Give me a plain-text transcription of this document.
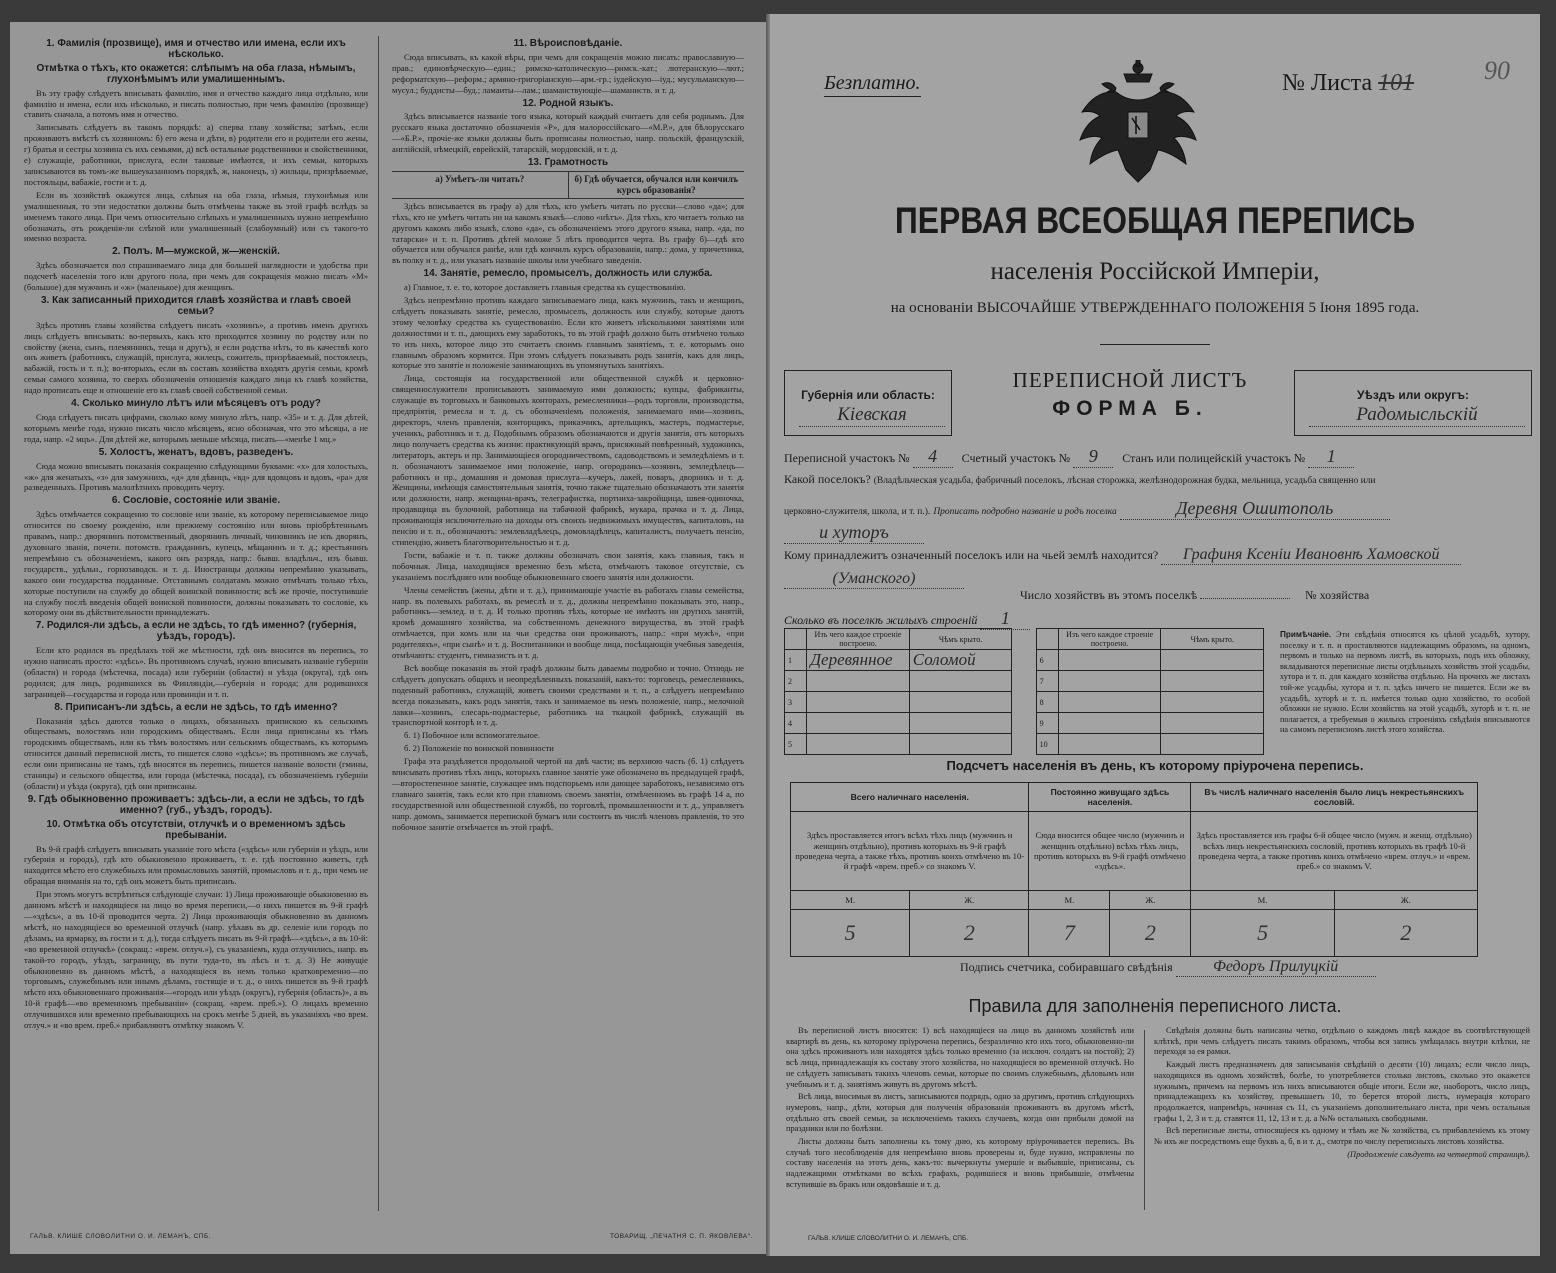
1. Фамилія (прозвище), имя и отчество или имена, если ихъ нѣсколько.
Отмѣтка о тѣхъ, кто окажется: слѣпымъ на оба глаза, нѣмымъ, глухонѣмымъ или умалишеннымъ.

Въ эту графу слѣдуетъ вписывать фамилію, имя и отчество каждаго лица отдѣльно, или фамилію и имена, если ихъ нѣсколько, и писать полностью, при чемъ фамилію (прозвище) ставить сначала, а потомъ имя и отчество.

Записывать слѣдуетъ въ такомъ порядкѣ: а) сперва главу хозяйства; затѣмъ, если проживаютъ вмѣстѣ съ хозяиномъ: б) его жена и дѣти, в) родители его и родители его жены, г) братья и сестры хозяина съ ихъ семьями, д) всѣ остальные родственники и свойственники, е) служащіе, работники, прислуга, если таковые имѣются, и ихъ семьи, которыхъ записываются въ томъ-же вышеуказанномъ порядкѣ, ж, наконецъ, з) жильцы, призрѣваемые, постояльцы, вабажіе, гости и т. д.

Если въ хозяйствѣ окажутся лица, слѣпыя на оба глаза, нѣмыя, глухонѣмыя или умалишенныя, то эти недостатки должны быть отмѣчены также въ этой графѣ вслѣдъ за именемъ такого лица. При чемъ относительно слѣпыхъ и умалишенныхъ нужно непремѣнно обозначать, отъ рожденія-ли слѣпой или умалишенный (слабоумный) или съ такого-то именно возраста.

2. Полъ. М—мужской, ж—женскій.

Здѣсь обозначается пол спрашиваемаго лица для большей наглядности и удобства при подсчетѣ населенія того или другого пола, при чемъ для сокращенія можно писать «М» (большое) для мужчинъ и «ж» (маленькое) для женщинъ.

3. Как записанный приходится главѣ хозяйства и главѣ своей семьи?

Здѣсь противъ главы хозяйства слѣдуетъ писать «хозяинъ», а противъ именъ другихъ лицъ слѣдуетъ вписывать: во-первыхъ, какъ кто приходится хозяину по родству или по свойству (жена, сынъ, племянникъ, теща и другъ), и если родства нѣтъ, то въ качествѣ кого онъ живетъ (работникъ, служащій, прислуга, жилецъ, сожитель, призрѣваемый, постоялецъ, вабажій, гость и т. п.); во-вторыхъ, если въ составъ хозяйства входятъ другія семьи, кромѣ семьи самого хозяина, то сверхъ обозначенія отношенія каждаго лица къ главѣ хозяйства, надо прописать еще и отношеніе его къ главѣ своей собственной семьи.

4. Сколько минуло лѣтъ или мѣсяцевъ отъ роду?

Сюда слѣдуетъ писать цифрами, сколько кому минуло лѣтъ, напр. «35» и т. д. Для дѣтей, которымъ менѣе года, нужно писать число мѣсяцевъ, ясно обозначая, что это мѣсяцы, а не года, напр. «2 мцъ». Для дѣтей же, которымъ меньше мѣсяца, писать—«менѣе 1 мц.»

5. Холостъ, женатъ, вдовъ, разведенъ.

Сюда можно вписывать показанія сокращенно слѣдующими буквами: «х» для холостыхъ, «ж» для женатыхъ, «з» для замужнихъ, «д» для дѣвицъ, «вд» для вдовцовъ и вдовъ, «ра» для разведенныхъ. Противъ малолѣтнихъ проводить черту.

6. Сословіе, состояніе или званіе.

Здѣсь отмѣчается сокращенно то сословіе или званіе, къ которому переписываемое лицо относится по своему рожденію, или прежнему состоянію или вновь пріобрѣтеннымъ правамъ, напр.: дворянинъ потомственный, дворянинъ личный, чиновникъ не изъ дворянъ, духовнаго званія, почетн. потомств. гражданинъ, купецъ, мѣщанинъ и т. д.; крестьянинъ непремѣнно съ обозначеніемъ, какого онъ разряда, напр.: бывш. владѣльч., изъ бывш. государств., удѣльн., горнозаводск. и т. д. Иностранцы должны непремѣнно указывать, какого они государства подданные. Отставнымъ солдатамъ можно отмѣчать только тѣхъ, которые поступили на службу до общей воинской повинности; всѣ же прочіе, поступившіе на службу послѣ введенія общей воинской повинности, должны показывать то сословіе, къ которому они въ дѣйствительности принадлежатъ.

7. Родился-ли здѣсь, а если не здѣсь, то гдѣ именно? (губернія, уѣздъ, городъ).

Если кто родился въ предѣлахъ той же мѣстности, гдѣ онъ вносится въ перепись, то нужно написать просто: «здѣсь». Въ противномъ случаѣ, нужно вписывать названіе губерніи (области) и города (мѣстечка, посада) или губерніи (области) и уѣзда (округа), гдѣ онъ родился; для лицъ, родившихся въ Финляндіи,—губернія и города; для родившихся заграницей—государства и города или провинціи и т. п.

8. Приписанъ-ли здѣсь, а если не здѣсь, то гдѣ именно?

Показанія здѣсь даются только о лицахъ, обязанныхъ припискою къ сельскимъ обществамъ, волостямъ или городскимъ обществамъ. Если лица приписаны къ тѣмъ городскимъ обществамъ, или къ тѣмъ волостямъ или сельскимъ обществамъ, къ которымъ относится данный переписной листъ, то пишется слово «здѣсь»; въ противномъ же случаѣ, если они приписаны не тамъ, гдѣ вносятся въ перепись, пишется названіе волости (гмины, станицы) и сельского общества, или города (мѣстечка, посада), съ обозначеніемъ губерніи (области) и уѣзда (округа), гдѣ они приписаны.

9. Гдѣ обыкновенно проживаетъ: здѣсь-ли, а если не здѣсь, то гдѣ именно? (губ., уѣздъ, городъ).
10. Отмѣтка объ отсутствіи, отлучкѣ и о временномъ здѣсь пребываніи.

Въ 9-й графѣ слѣдуетъ вписывать указаніе того мѣста («здѣсь» или губернія и уѣздъ, или губернія и городъ), гдѣ кто обыкновенно проживаетъ, т. е. гдѣ постоянно живетъ, гдѣ находится мѣсто его служебныхъ или промысловыхъ занятій, промысловъ и т. д., при чемъ не обращая вниманія на то, гдѣ онъ можетъ быть приписанъ.

При этомъ могутъ встрѣтиться слѣдующіе случаи: 1) Лица проживающіе обыкновенно въ данномъ мѣстѣ и находящіеся на лицо во время переписи,—о нихъ пишется въ 9-й графѣ—«здѣсь», а въ 10-й проводится черта. 2) Лица проживающія обыкновенно въ данномъ мѣстѣ, но находящіеся во временной отлучкѣ (напр. уѣхавъ въ др. селеніе или городъ по дѣламъ, на ярмарку, въ гости и т. д.), тогда слѣдуетъ писать въ 9-й графѣ—«здѣсь», а въ 10-й: «во временной отлучкѣ» (сокращ.: «врем. отлуч.»), съ указаніемъ, куда отлучились, напр. въ такой-то городъ, уѣздъ, заграницу, въ пути туда-то, въ лѣсъ и т. д. 3) Не живущіе обыкновенно въ данномъ мѣстѣ, а находящіеся въ немъ только кратковременно—по торговымъ, служебнымъ или инымъ дѣламъ, гостящіе и т. д., о нихъ пишется въ 9-й графѣ мѣсто ихъ обыкновеннаго проживанія—«городъ или уѣздъ (округъ), губернія (область)», а въ 10-й графѣ—«во временномъ пребываніи» (сокращ. «врем. преб.»). О лицахъ временно отлучившихся или временно пребывающихъ на срокъ менѣе 5 дней, въ указаніяхъ «во врем. отлуч.» и «во врем. преб.» прибавляютъ отмѣтку знакомъ V.

11. Вѣроисповѣданіе.

Сюда вписывать, къ какой вѣры, при чемъ для сокращенія можно писать: православную—прав.; единовѣрческую—един.; римско-католическую—римск.-кат.; лютеранскую—лют.; реформатскую—реформ.; армяно-григоріанскую—арм.-гр.; іудейскую—іуд.; мусульманскую—мусул.; буддисты—буд.; ламаиты—лам.; шаманствующіе—шаманиств. и т. д.

12. Родной языкъ.

Здѣсь вписывается названіе того языка, который каждый считаетъ для себя роднымъ. Для русскаго языка достаточно обозначенія «Р», для малороссійскаго—«М.Р.», для бѣлорусскаго—«Б.Р.», прочіе-же языки должны быть прописаны полностью, напр. польскій, французскій, англійскій, нѣмецкій, еврейскій, татарскій, мордовскій, и т. д.

13. Грамотность
а) Умѣетъ-ли читать?	б) Гдѣ обучается, обучался или кончилъ курсъ образованія?

Здѣсь вписывается въ графу а) для тѣхъ, кто умѣетъ читать по русски—слово «да»; для тѣхъ, кто не умѣетъ читать ни на какомъ языкѣ—слово «нѣтъ». Для тѣхъ, кто читаетъ только на другомъ какомъ либо языкѣ, слово «да», съ обозначеніемъ этого другого языка, напр. «да, по татарски» и т. п. Противъ дѣтей моложе 5 лѣтъ проводится черта. Въ графу б)—гдѣ кто обучается или обучался ранѣе, или гдѣ кончилъ курсъ образованія, напр.: дома, у причетника, въ полку и т. д., или указать названіе школы или учебнаго заведенія.

14. Занятіе, ремесло, промыселъ, должность или служба.

а) Главное, т. е. то, которое доставляетъ главныя средства къ существованію.

Здѣсь непремѣнно противъ каждаго записываемаго лица, какъ мужчинъ, такъ и женщинъ, слѣдуетъ показывать занятіе, ремесло, промыселъ, должность или службу, которые даютъ этому человѣку средства къ существованію. Если кто живетъ нѣсколькими занятіями или должностями и т. п., дающихъ ему заработокъ, то въ этой графѣ должно быть отмѣчено только то изъ нихъ, которое лицо это считаетъ своимъ главнымъ занятіемъ, т. е. которымъ оно главнымъ образомъ кормится. При этомъ слѣдуетъ показывать родъ занятія, какъ для лицъ, которые это занятіе и положеніе занимающихъ въ упомянутыхъ занятіяхъ.

Лица, состоящія на государственной или общественной службѣ и церковно-священнослужители прописываютъ занимаемую ими должность; купцы, фабриканты, служащіе въ торговыхъ и банковыхъ конторахъ, ремесленники—родъ торговли, производства, предпріятія, ремесла и т. д. съ обозначеніемъ положенія, занимаемаго ими—хозяинъ, директоръ, членъ правленія, конторщикъ, приказчикъ, артельщикъ, мастеръ, подмастерье, ученикъ, работникъ и т. д. Подобнымъ образомъ обозначаются и другія занятія, отъ которыхъ лицо получаетъ средства къ жизни: практикующій врачъ, присяжный повѣренный, художникъ, литераторъ, актеръ и пр. Занимающіеся огородничествомъ, садоводствомъ и земледѣліемъ и т. п. обозначаютъ занимаемое ими положеніе, напр. огородникъ—хозяинъ, земледѣлецъ—работникъ и пр., домашняя и домовая прислуга—кучеръ, лакей, поваръ, дворникъ и т. д. Женщины, имѣющія самостоятельныя занятія, точно также тщательно обозначаютъ эти занятія или должности, напр. женщина-врачъ, телеграфистка, портниха-закройщица, швея-одиночка, продавщица въ булочной, работница на табачной фабрикѣ, мукара, прачка и т. д. Лица, проживающія исключительно на доходы отъ своихъ недвижимыхъ имуществъ, капиталовъ, на пенсію и т. п., обозначаютъ: землевладѣлецъ, домовладѣлецъ, капиталистъ, получаетъ пенсію, стипендію, живетъ благотворительностью и т. д.

Гости, вабажіе и т. п. также должны обозначать свои занятія, какъ главныя, такъ и побочныя. Лица, находящіяся временно безъ мѣста, отмѣчаютъ таковое отсутствіе, съ указаніемъ послѣдняго или вообще обыкновеннаго своего занятія или должности.

Члены семействъ (жены, дѣти и т. д.), принимающіе участіе въ работахъ главы семейства, напр. въ полевыхъ работахъ, въ ремеслѣ и т. д., должны непремѣнно показывать это, напр., работникъ—землед. и т. д. И только противъ тѣхъ, которые не имѣютъ ни другихъ занятій, кромѣ домашняго хозяйства, на собственномъ денежного вирущества, въ этой графѣ отмѣчается, при комъ или на чьи средства они проживаютъ, напр.: «при мужѣ», «при родителяхъ», «при сынѣ» и т. д. Воспитанники и вообще лица, посѣщающія учебныя заведенія, отмѣчаютъ: студентъ, гимназистъ и т. д.

Всѣ вообще показанія въ этой графѣ должны быть даваемы подробно и точно. Отнюдь не слѣдуетъ допускать общихъ и неопредѣленныхъ показаній, какъ-то: торговецъ, ремесленникъ, поденный работникъ, служащій, живетъ своими средствами и т. п., а слѣдуетъ непремѣнно всегда показывать, какъ родъ занятія, такъ и занимаемое въ немъ положеніе, напр., мелочной лавки—хозяинъ, слесарь-подмастерье, работникъ на ткацкой фабрикѣ, служащій въ транспортной конторѣ и т. д.

б. 1) Побочное или вспомогательное.

б. 2) Положеніе по воинской повинности

Графа эта раздѣляется продольной чертой на двѣ части; въ верхнюю часть (б. 1) слѣдуетъ вписывать противъ тѣхъ лицъ, которыхъ главное занятіе уже обозначено въ предыдущей графѣ,—второстепенное занятіе, служащее имъ подспорьемъ или дающее заработокъ, независимо отъ главнаго занятія, такъ если кто при главномъ своемъ занятіи, отмѣченномъ въ графѣ 14 а, по государственной или общественной службѣ, по торговлѣ, промышленности и т. д., управляетъ напр. домомъ, занимается перепиской бумагъ или состоитъ въ числѣ членовъ правленія, то это побочное занятіе отмѣчается въ этой графѣ.

ГАЛЬВ. КЛИШЕ СЛОВОЛИТНИ О. И. ЛЕМАНЪ, СПБ.	ТОВАРИЩ. „ПЕЧАТНЯ С. П. ЯКОВЛЕВА“.
Безплатно.	№ Листа 101	90
ПЕРВАЯ ВСЕОБЩАЯ ПЕРЕПИСЬ
населенія Россійской Имперіи,
на основаніи ВЫСОЧАЙШЕ УТВЕРЖДЕННАГО ПОЛОЖЕНІЯ 5 Іюня 1895 года.
Губернія или область:
Кіевская
Уѣздъ или округъ:
Радомысльскій
ПЕРЕПИСНОЙ ЛИСТЪ
ФОРМА Б.
Переписной участокъ № 4 Счетный участокъ № 9 Станъ или полицейскій участокъ № 1
Какой поселокъ? (Владѣльческая усадьба, фабричный поселокъ, лѣсная сторожка, желѣзнодорожная будка, мельница, усадьба священно или
церковно-служителя, школа, и т. п.). Прописать подробно названіе и родъ поселка	Деревня Ошитополь
и хуторъ
Кому принадлежитъ означенный поселокъ или на чьей землѣ находится? Графиня Ксеніи Ивановнѣ Хамовской
(Уманского)
Число хозяйствъ въ этомъ поселкѣ	№ хозяйства
Сколько въ поселкѣ жилыхъ строеній 1
	Изъ чего каждое строеніе построено.	Чѣмъ крыто.			Изъ чего каждое строеніе построено.	Чѣмъ крыто.
1	Деревянное	Соломой		6		
2				7		
3				8		
4				9		
5				10		
Примѣчаніе. Эти свѣдѣнія относятся къ цѣлой усадьбѣ, хутору, поселку и т. п. и проставляются надлежащимъ образомъ, на одномъ, первомъ и только на первомъ листѣ, въ которыхъ, подъ ихъ обложку, вкладываются переписные листы отдѣльныхъ хозяйствъ этой усадьбы, хутора и т. п. для каждаго хозяйства отдѣльно. На прочихъ же листахъ той-же усадьбы, хутора и т. п. здѣсь ничего не пишется. Если же въ усадьбѣ, хуторѣ и т. п. имѣется только одно хозяйство, то особой обложки не нужно. Если хозяйствъ на этой усадьбѣ, хуторѣ и т. п. не полагается, а требуемыя о жилыхъ строеніяхъ свѣдѣнія вписываются на самомъ переписномъ листѣ этого хозяйства.
Подсчетъ населенія въ день, къ которому пріурочена перепись.
Всего наличнаго населенія.		Постоянно живущаго здѣсь населенія.		Въ числѣ наличнаго населенія было лицъ некрестьянскихъ сословій.	
Здѣсь проставляется итогъ всѣхъ тѣхъ лицъ (мужчинъ и женщинъ отдѣльно), противъ которыхъ въ 9-й графѣ проведена черта, а также тѣхъ, противъ коихъ отмѣчено въ 10-й графѣ «врем. преб.» со знакомъ V.		Сюда вносится общее число (мужчинъ и женщинъ отдѣльно) всѣхъ тѣхъ лицъ, противъ которыхъ въ 9-й графѣ отмѣчено «здѣсь».		Здѣсь проставляется изъ графы 6-й общее число (мужч. и женщ. отдѣльно) всѣхъ лицъ некрестьянскихъ сословій, противъ которыхъ въ графѣ 10-й проведена черта, а также противъ коихъ отмѣчено «врем. отлуч.» и «врем. преб.» со знакомъ V.	
М.	Ж.	М.	Ж.	М.	Ж.
5	2	7	2	5	2
Подпись счетчика, собиравшаго свѣдѣнія	Федоръ Прилуцкій
Правила для заполненія переписного листа.

Въ переписной листъ вносятся: 1) всѣ находящіеся на лицо въ данномъ хозяйствѣ или квартирѣ въ день, къ которому пріурочена перепись, безразлично кто ихъ того, обыкновенно-ли она здѣсь проживаютъ или находятся здѣсь только временно (за исключ. солдатъ на постой); 2) всѣ лица, принадлежащія къ составу этого хозяйства, но находящіеся во временной отлучкѣ. Но не слѣдуетъ записывать такихъ членовъ семьи, которые по своимъ служебнымъ, дѣловымъ или учебнымъ и т. д. занятіямъ живутъ въ другомъ мѣстѣ.

Всѣ лица, вносимыя въ листъ, записываются подрядъ, одно за другимъ, противъ слѣдующихъ нумеровъ, напр., дѣти, которыя для полученія образованія проживаютъ въ другомъ мѣстѣ, отдѣльно отъ своей семьи, за исключеніемъ такихъ случаевъ, когда они прибыли домой на праздники или по болѣзни.

Листы должны быть заполнены къ тому дню, къ которому пріурочивается перепись. Въ случаѣ того несоблюденія для непремѣнно вновь проверены и, буде нужно, исправлены по составу населенія на этотъ день, какъ-то: вычеркнуты умершіе и выбывшіе, приписаны, съ надлежащими отмѣтками во всѣхъ графахъ, родившіеся и вновь прибывшіе, отмѣчены вступившіе въ бракъ или овдовѣвшіе и т. д.

Свѣдѣнія должны быть написаны четко, отдѣльно о каждомъ лицѣ каждое въ соотвѣтствующей клѣткѣ, при чемъ слѣдуетъ писать такимъ образомъ, чтобы вся запись умѣщалась внутри клѣтки, не переходя за ея рамки.

Каждый листъ предназначенъ для записыванія свѣдѣній о десяти (10) лицахъ; если число лицъ, находящихся въ одномъ хозяйствѣ, болѣе, то употребляется столько листовъ, сколько это окажется нужнымъ, причемъ на первомъ изъ нихъ вписываются общіе итоги. Если же, наоборотъ, число лицъ, принадлежащихъ къ хозяйству, превышаетъ 10, то берется второй листъ, нумерація котораго продолжается, напримѣръ, начиная съ 11, съ указаніемъ дополнительнаго листа, при чемъ остальныя графы 1, 2, 3 и т. д. ставятся 11, 12, 13 и т. д. а №№ остальныхъ свободными.

Всѣ переписные листы, относящіеся къ одному и тѣмъ же № хозяйства, съ прибавленіемъ къ этому № ихъ же посредствомъ еще буквъ а, б, в и т. д., смотря по числу переписныхъ листовъ хозяйства.

(Продолженіе слѣдуетъ на четвертой страницѣ).
ГАЛЬВ. КЛИШЕ СЛОВОЛИТНИ О. И. ЛЕМАНЪ, СПБ.
